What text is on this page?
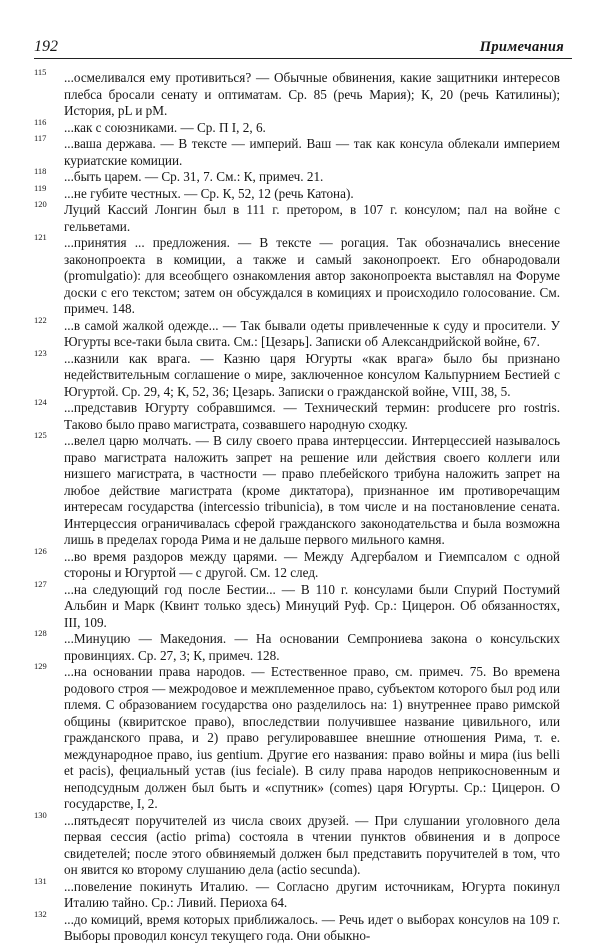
192	Примечания
115 ...осмеливался ему противиться? — Обычные обвинения, какие защитники интересов плебса бросали сенату и оптиматам. Ср. 85 (речь Мария); К, 20 (речь Катилины); История, pL и pM.
116 ...как с союзниками. — Ср. П I, 2, 6.
117 ...ваша держава. — В тексте — империй. Ваш — так как консула облекали империем куриатские комиции.
118 ...быть царем. — Ср. 31, 7. См.: К, примеч. 21.
119 ...не губите честных. — Ср. К, 52, 12 (речь Катона).
120 Луций Кассий Лонгин был в 111 г. претором, в 107 г. консулом; пал на войне с гельветами.
121 ...принятия ... предложения. — В тексте — рогация. Так обозначались внесение законопроекта в комиции, а также и самый законопроект. Его обнародовали (promulgatio): для всеобщего ознакомления автор законопроекта выставлял на Форуме доски с его текстом; затем он обсуждался в комициях и происходило голосование. См. примеч. 148.
122 ...в самой жалкой одежде... — Так бывали одеты привлеченные к суду и просители. У Югурты все-таки была свита. См.: [Цезарь]. Записки об Александрийской войне, 67.
123 ...казнили как врага. — Казню царя Югурты «как врага» было бы признано недействительным соглашение о мире, заключенное консулом Кальпурнием Бестией с Югуртой. Ср. 29, 4; К, 52, 36; Цезарь. Записки о гражданской войне, VIII, 38, 5.
124 ...представив Югурту собравшимся. — Технический термин: producere pro rostris. Таково было право магистрата, созвавшего народную сходку.
125 ...велел царю молчать. — В силу своего права интерцессии. Интерцессией называлось право магистрата наложить запрет на решение или действия своего коллеги или низшего магистрата, в частности — право плебейского трибуна наложить запрет на любое действие магистрата (кроме диктатора), признанное им противоречащим интересам государства (intercessio tribunicia), в том числе и на постановление сената. Интерцессия ограничивалась сферой гражданского законодательства и была возможна лишь в пределах города Рима и не дальше первого мильного камня.
126 ...во время раздоров между царями. — Между Адгербалом и Гиемпсалом с одной стороны и Югуртой — с другой. См. 12 след.
127 ...на следующий год после Бестии... — В 110 г. консулами были Спурий Постумий Альбин и Марк (Квинт только здесь) Минуций Руф. Ср.: Цицерон. Об обязанностях, III, 109.
128 ...Минуцию — Македония. — На основании Семпрониева закона о консульских провинциях. Ср. 27, 3; К, примеч. 128.
129 ...на основании права народов. — Естественное право, см. примеч. 75. Во времена родового строя — межродовое и межплеменное право, субъектом которого был род или племя. С образованием государства оно разделилось на: 1) внутреннее право римской общины (квиритское право), впоследствии получившее название цивильного, или гражданского права, и 2) право регулировавшее внешние отношения Рима, т. е. международное право, ius gentium. Другие его названия: право войны и мира (ius belli et pacis), фециальный устав (ius feciale). В силу права народов неприкосновенным и неподсудным должен был быть и «спутник» (comes) царя Югурты. Ср.: Цицерон. О государстве, I, 2.
130 ...пятьдесят поручителей из числа своих друзей. — При слушании уголовного дела первая сессия (actio prima) состояла в чтении пунктов обвинения и в допросе свидетелей; после этого обвиняемый должен был представить поручителей в том, что он явится ко второму слушанию дела (actio secunda).
131 ...повеление покинуть Италию. — Согласно другим источникам, Югурта покинул Италию тайно. Ср.: Ливий. Периоха 64.
132 ...до комиций, время которых приближалось. — Речь идет о выборах консулов на 109 г. Выборы проводил консул текущего года. Они обыкно-
